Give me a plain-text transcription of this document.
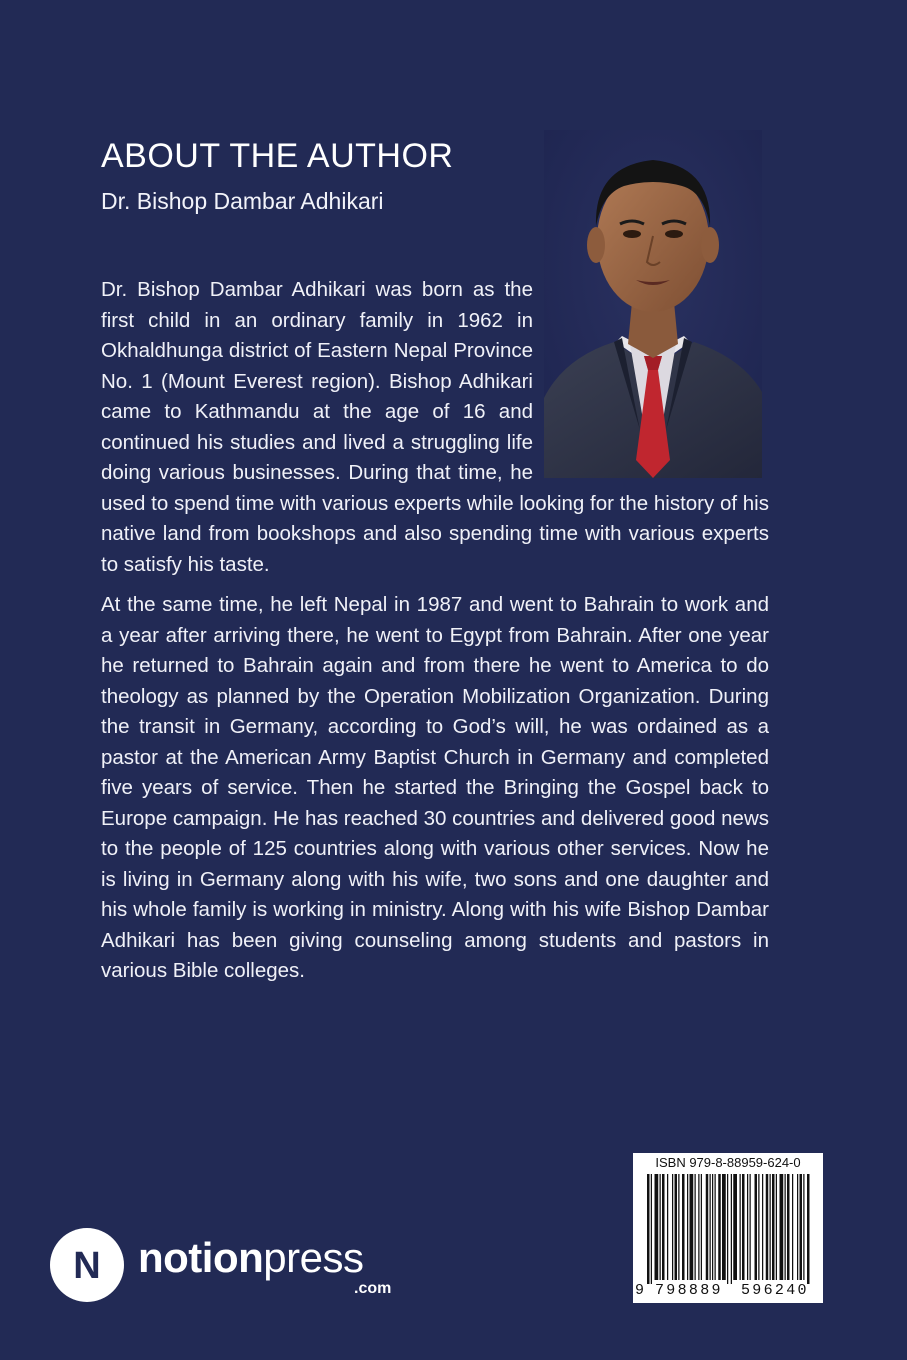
ABOUT THE AUTHOR
Dr. Bishop Dambar Adhikari

Dr. Bishop Dambar Adhikari was born as the first child in an ordinary family in 1962 in Okhaldhunga district of Eastern Nepal Province No. 1 (Mount Everest region). Bishop Adhikari came to Kathmandu at the age of 16 and continued his studies and lived a struggling life doing various businesses. During that time, he used to spend time with various experts while looking for the history of his native land from bookshops and also spending time with various experts to satisfy his taste.

At the same time, he left Nepal in 1987 and went to Bahrain to work and a year after arriving there, he went to Egypt from Bahrain. After one year he returned to Bahrain again and from there he went to America to do theology as planned by the Operation Mobilization Organization. During the transit in Germany, according to God’s will, he was ordained as a pastor at the American Army Baptist Church in Germany and completed five years of service. Then he started the Bringing the Gospel back to Europe campaign. He has reached 30 countries and delivered good news to the people of 125 countries along with various other services. Now he is living in Germany along with his wife, two sons and one daughter and his whole family is working in ministry. Along with his wife Bishop Dambar Adhikari has been giving counseling among students and pastors in various Bible colleges.

N notionpress
.com
ISBN 979-8-88959-624-0
9 798889 596240
